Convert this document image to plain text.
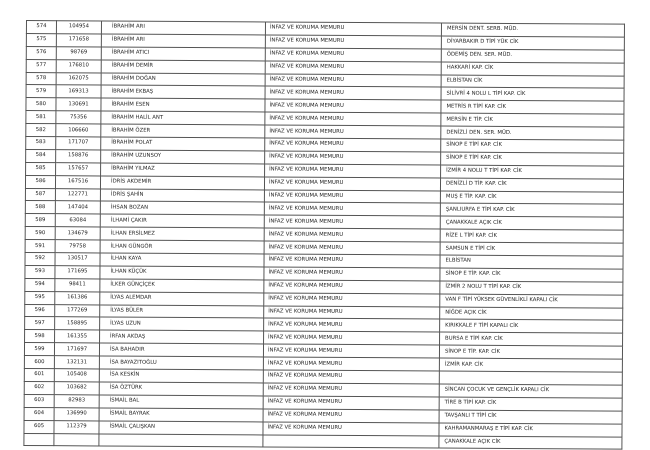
574	104954	İBRAHİM ARI	İNFAZ VE KORUMA MEMURU	MERSİN DENT. SERB. MÜD.
575	171658	İBRAHİM ARI	İNFAZ VE KORUMA MEMURU	DİYARBAKIR D TİPİ YÜK CİK
576	98769	İBRAHİM ATICI	İNFAZ VE KORUMA MEMURU	ÖDEMİŞ DEN. SER. MÜD.
577	176810	İBRAHİM DEMİR	İNFAZ VE KORUMA MEMURU	HAKKARİ KAP. CİK
578	162075	İBRAHİM DOĞAN	İNFAZ VE KORUMA MEMURU	ELBİSTAN CİK
579	169313	İBRAHİM EKBAŞ	İNFAZ VE KORUMA MEMURU	SİLİVRİ 4 NOLU L TİPİ KAP. CİK
580	130691	İBRAHİM ESEN	İNFAZ VE KORUMA MEMURU	METRİS R TİPİ KAP. CİK
581	75356	İBRAHİM HALİL ANT	İNFAZ VE KORUMA MEMURU	MERSİN E TİP. CİK
582	106660	İBRAHİM ÖZER	İNFAZ VE KORUMA MEMURU	DENİZLİ DEN. SER. MÜD.
583	171707	İBRAHİM POLAT	İNFAZ VE KORUMA MEMURU	SİNOP E TİPİ KAP. CİK
584	158876	İBRAHİM UZUNSOY	İNFAZ VE KORUMA MEMURU	SİNOP E TİPİ KAP. CİK
585	157657	İBRAHİM YILMAZ	İNFAZ VE KORUMA MEMURU	İZMİR 4 NOLU T TİPİ KAP. CİK
586	167516	İDRİS AKDEMİR	İNFAZ VE KORUMA MEMURU	DENİZLİ D TİP. KAP. CİK
587	122771	İDRİS ŞAHİN	İNFAZ VE KORUMA MEMURU	MUŞ E TİP. KAP. CİK
588	147404	İHSAN BOZAN	İNFAZ VE KORUMA MEMURU	ŞANLIURFA E TİPİ KAP. CİK
589	63084	İLHAMİ ÇAKIR	İNFAZ VE KORUMA MEMURU	ÇANAKKALE AÇIK CİK
590	134679	İLHAN ERSİLMEZ	İNFAZ VE KORUMA MEMURU	RİZE L TİPİ KAP. CİK
591	79758	İLHAN GÜNGÖR	İNFAZ VE KORUMA MEMURU	SAMSUN E TİPİ CİK
592	130517	İLHAN KAYA	İNFAZ VE KORUMA MEMURU	ELBİSTAN
593	171695	İLHAN KÜÇÜK	İNFAZ VE KORUMA MEMURU	SİNOP E TİP. KAP. CİK
594	98411	İLKER GÜNÇİÇEK	İNFAZ VE KORUMA MEMURU	İZMİR 2 NOLU T TİPİ KAP. CİK
595	161386	İLYAS ALEMDAR	İNFAZ VE KORUMA MEMURU	VAN F TİPİ YÜKSEK GÜVENLİKLİ KAPALI CİK
596	177269	İLYAS BÜLER	İNFAZ VE KORUMA MEMURU	NİĞDE AÇIK CİK
597	158895	İLYAS UZUN	İNFAZ VE KORUMA MEMURU	KIRIKKALE F TİPİ KAPALI CİK
598	161355	İRFAN AKDAŞ	İNFAZ VE KORUMA MEMURU	BURSA E TİPİ KAP. CİK
599	171697	İSA BAHADIR	İNFAZ VE KORUMA MEMURU	SİNOP E TİP. KAP. CİK
600	132131	İSA BAYAZITOĞLU	İNFAZ VE KORUMA MEMURU	İZMİR KAP. CİK
601	105408	İSA KESKİN	İNFAZ VE KORUMA MEMURU	
602	103682	İSA ÖZTÜRK	İNFAZ VE KORUMA MEMURU	SİNCAN ÇOCUK VE GENÇLİK KAPALI CİK
603	82983	İSMAİL BAL	İNFAZ VE KORUMA MEMURU	TİRE B TİPİ KAP. CİK
604	136990	İSMAİL BAYRAK	İNFAZ VE KORUMA MEMURU	TAVŞANLI T TİPİ CİK
605	112379	İSMAİL ÇALIŞKAN	İNFAZ VE KORUMA MEMURU	KAHRAMANMARAŞ E TİPİ KAP. CİK
				ÇANAKKALE AÇIK CİK
